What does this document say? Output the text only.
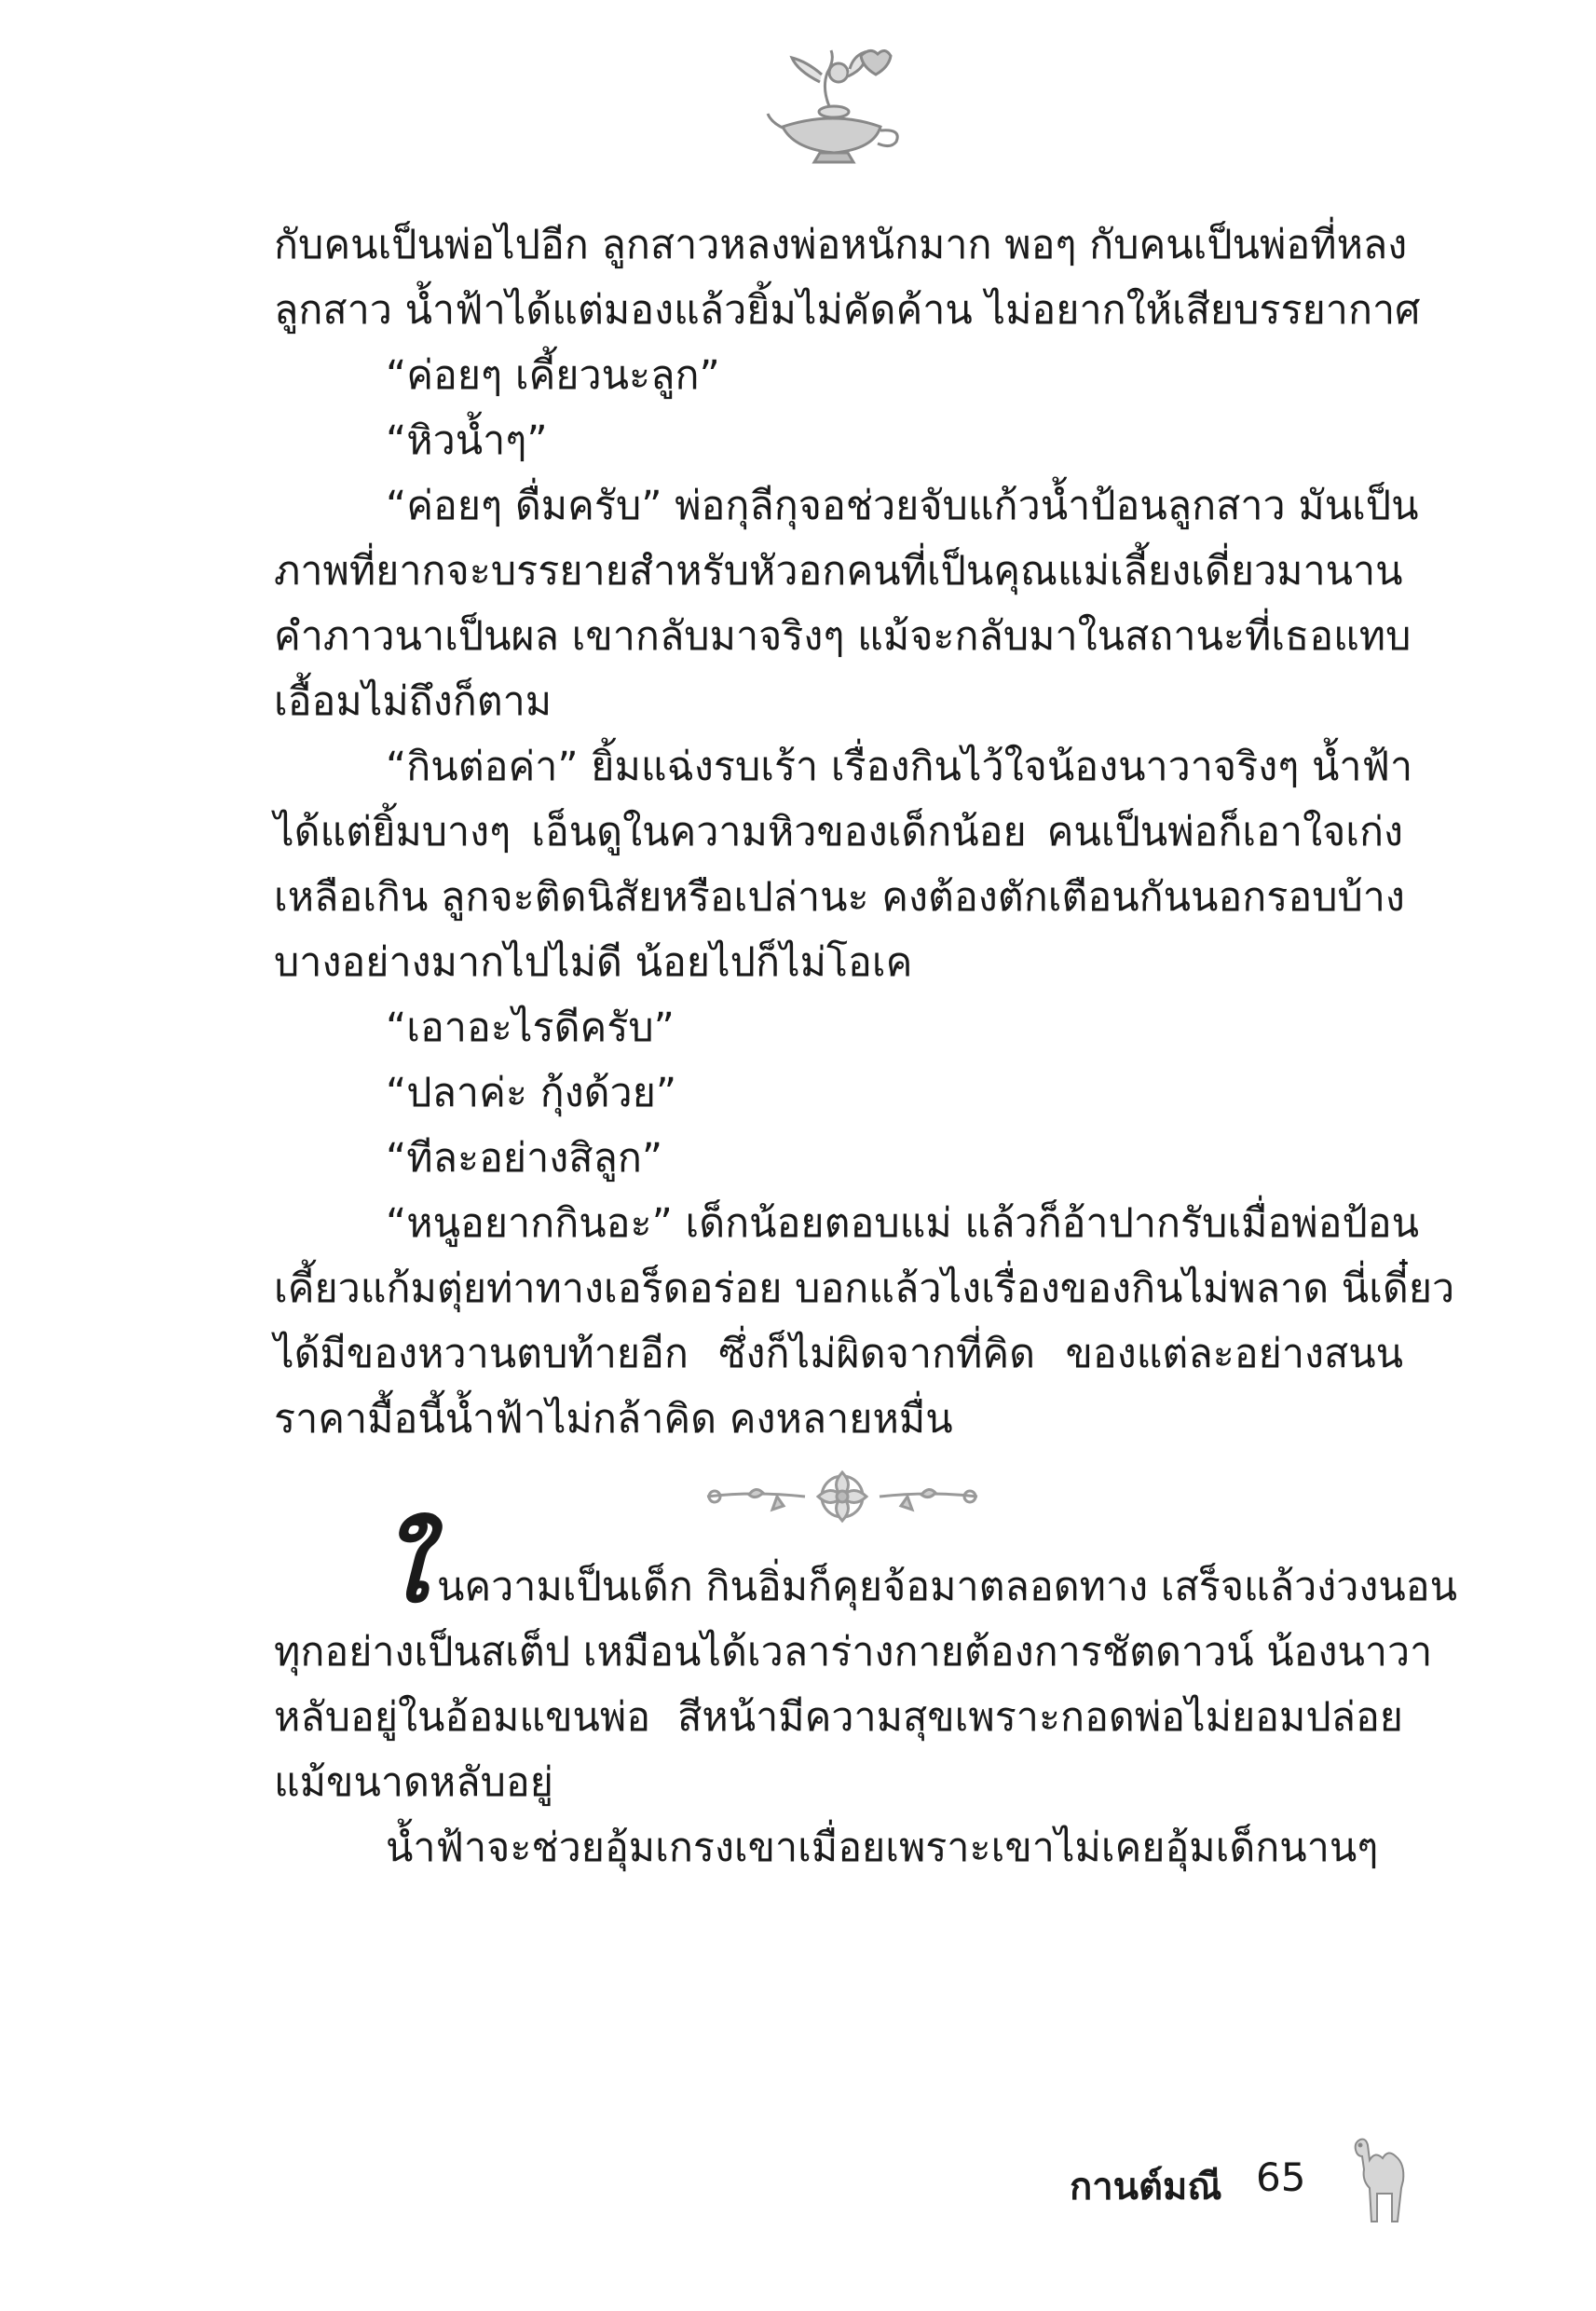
กับคนเป็นพ่อไปอีก ลูกสาวหลงพ่อหนักมาก พอๆ กับคนเป็นพ่อที่หลง
ลูกสาว น้ำฟ้าได้แต่มองแล้วยิ้มไม่คัดค้าน ไม่อยากให้เสียบรรยากาศ
“ค่อยๆ เคี้ยวนะลูก”
“หิวน้ำๆ”
“ค่อยๆ ดื่มครับ” พ่อกุลีกุจอช่วยจับแก้วน้ำป้อนลูกสาว มันเป็น
ภาพที่ยากจะบรรยายสำหรับหัวอกคนที่เป็นคุณแม่เลี้ยงเดี่ยวมานาน
คำภาวนาเป็นผล เขากลับมาจริงๆ แม้จะกลับมาในสถานะที่เธอแทบ
เอื้อมไม่ถึงก็ตาม
“กินต่อค่า” ยิ้มแฉ่งรบเร้า เรื่องกินไว้ใจน้องนาวาจริงๆ น้ำฟ้า
ได้แต่ยิ้มบางๆ เอ็นดูในความหิวของเด็กน้อย คนเป็นพ่อก็เอาใจเก่ง
เหลือเกิน ลูกจะติดนิสัยหรือเปล่านะ คงต้องตักเตือนกันนอกรอบบ้าง
บางอย่างมากไปไม่ดี น้อยไปก็ไม่โอเค
“เอาอะไรดีครับ”
“ปลาค่ะ กุ้งด้วย”
“ทีละอย่างสิลูก”
“หนูอยากกินอะ” เด็กน้อยตอบแม่ แล้วก็อ้าปากรับเมื่อพ่อป้อน
เคี้ยวแก้มตุ่ยท่าทางเอร็ดอร่อย บอกแล้วไงเรื่องของกินไม่พลาด นี่เดี๋ยว
ได้มีของหวานตบท้ายอีก ซึ่งก็ไม่ผิดจากที่คิด ของแต่ละอย่างสนน
ราคามื้อนี้น้ำฟ้าไม่กล้าคิด คงหลายหมื่น
ใ นความเป็นเด็ก กินอิ่มก็คุยจ้อมาตลอดทาง เสร็จแล้วง่วงนอน
ทุกอย่างเป็นสเต็ป เหมือนได้เวลาร่างกายต้องการชัตดาวน์ น้องนาวา
หลับอยู่ในอ้อมแขนพ่อ สีหน้ามีความสุขเพราะกอดพ่อไม่ยอมปล่อย
แม้ขนาดหลับอยู่
น้ำฟ้าจะช่วยอุ้มเกรงเขาเมื่อยเพราะเขาไม่เคยอุ้มเด็กนานๆ
กานต์มณี 65
